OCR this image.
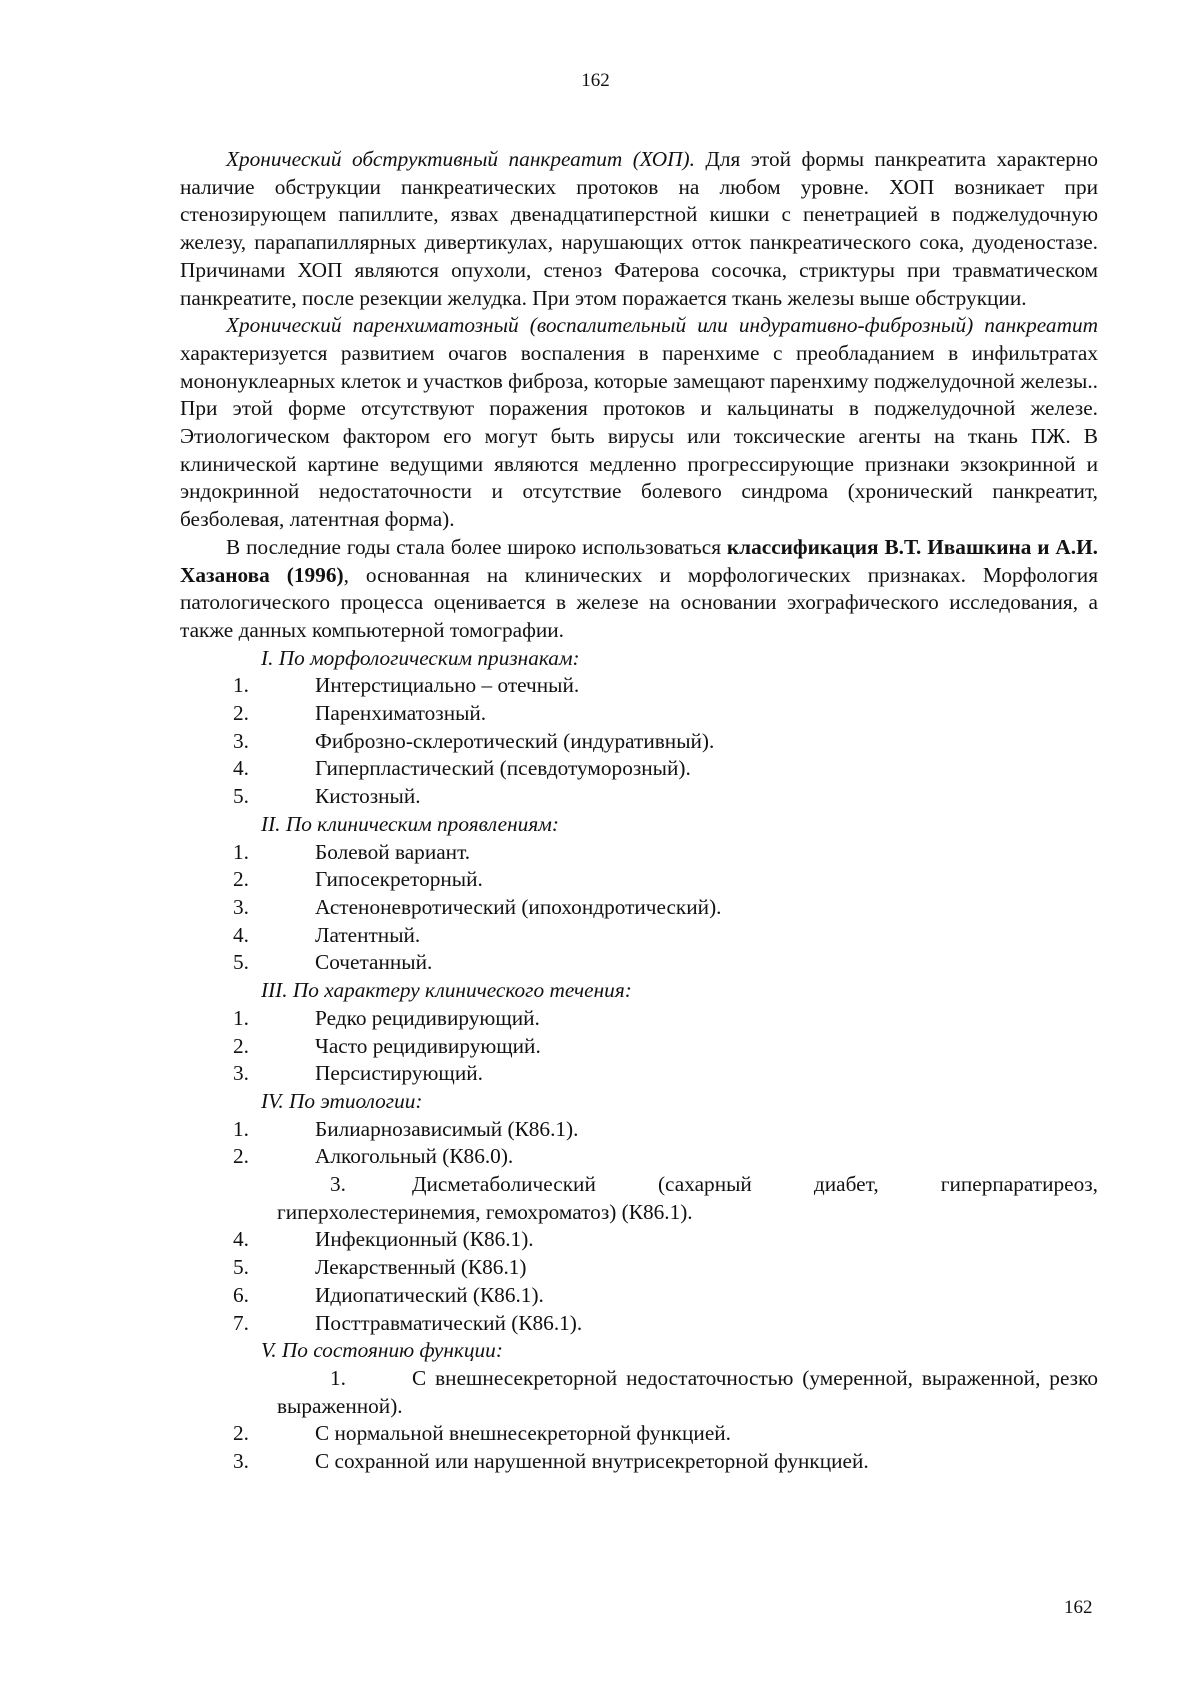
162

Хронический обструктивный панкреатит (ХОП). Для этой формы панкреатита характерно наличие обструкции панкреатических протоков на любом уровне. ХОП возникает при стенозирующем папиллите, язвах двенадцатиперстной кишки с пенетрацией в поджелудочную железу, парапапиллярных дивертикулах, нарушающих отток панкреатического сока, дуоденостазе. Причинами ХОП являются опухоли, стеноз Фатерова сосочка, стриктуры при травматическом панкреатите, после резекции желудка. При этом поражается ткань железы выше обструкции.

Хронический паренхиматозный (воспалительный или индуративно-фиброзный) панкреатит характеризуется развитием очагов воспаления в паренхиме с преобладанием в инфильтратах мононуклеарных клеток и участков фиброза, которые замещают паренхиму поджелудочной железы.. При этой форме отсутствуют поражения протоков и кальцинаты в поджелудочной железе. Этиологическом фактором его могут быть вирусы или токсические агенты на ткань ПЖ. В клинической картине ведущими являются медленно прогрессирующие признаки экзокринной и эндокринной недостаточности и отсутствие болевого синдрома (хронический панкреатит, безболевая, латентная форма).

В последние годы стала более широко использоваться классификация В.Т. Ивашкина и А.И. Хазанова (1996), основанная на клинических и морфологических признаках. Морфология патологического процесса оценивается в железе на основании эхографического исследования, а также данных компьютерной томографии.

I. По морфологическим признакам:
1.	Интерстициально – отечный.
2.	Паренхиматозный.
3.	Фиброзно-склеротический (индуративный).
4.	Гиперпластический (псевдотуморозный).
5.	Кистозный.
II. По клиническим проявлениям:
1.	Болевой вариант.
2.	Гипосекреторный.
3.	Астеноневротический (ипохондротический).
4.	Латентный.
5.	Сочетанный.
III. По характеру клинического течения:
1.	Редко рецидивирующий.
2.	Часто рецидивирующий.
3.	Персистирующий.
IV. По этиологии:
1.	Билиарнозависимый (К86.1).
2.	Алкогольный (К86.0).
3.	Дисметаболический (сахарный диабет, гиперпаратиреоз, гиперхолестеринемия, гемохроматоз) (К86.1).
4.	Инфекционный (К86.1).
5.	Лекарственный (К86.1)
6.	Идиопатический (К86.1).
7.	Посттравматический (К86.1).
V. По состоянию функции:
1.	С внешнесекреторной недостаточностью (умеренной, выраженной, резко выраженной).
2.	С нормальной внешнесекреторной функцией.
3.	С сохранной или нарушенной внутрисекреторной функцией.
162
